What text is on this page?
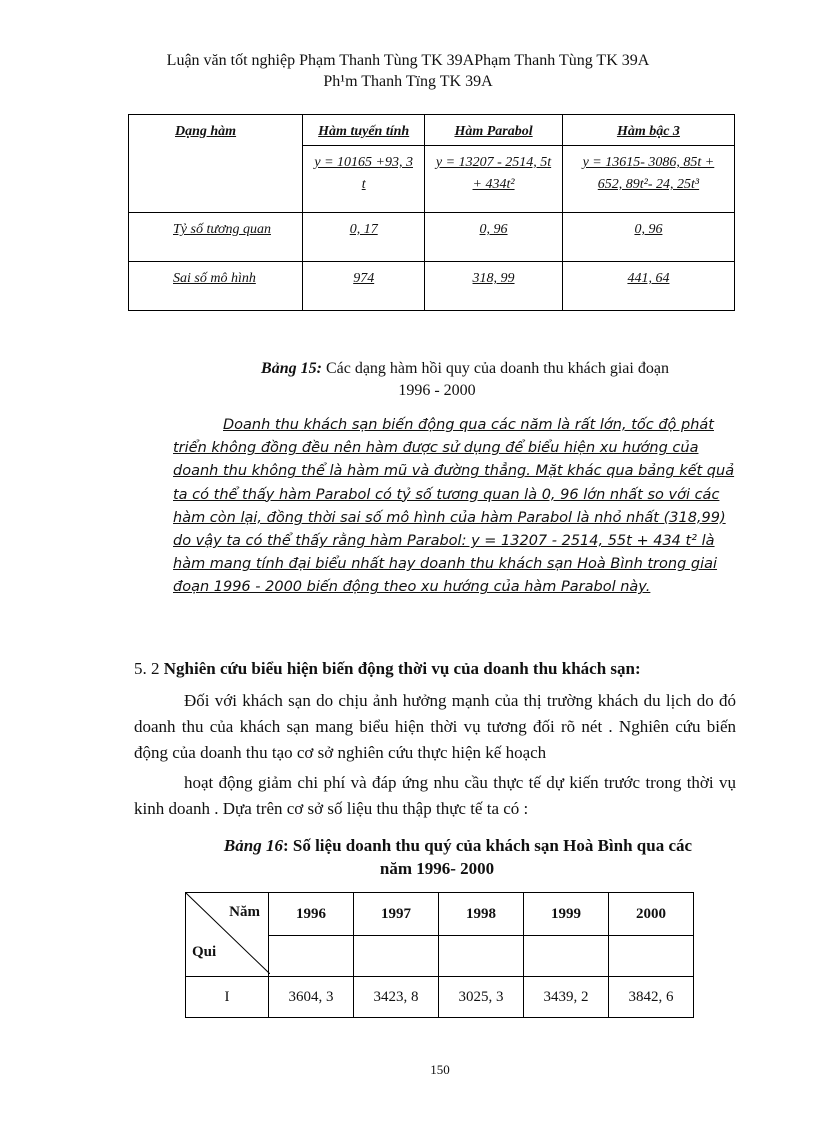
Luận văn tốt nghiệp Phạm Thanh Tùng TK 39APhạm Thanh Tùng TK 39A
Ph¹m Thanh Tïng TK 39A
Dạng hàm	Hàm tuyến tính	Hàm Parabol	Hàm bậc 3
	y = 10165 +93, 3 t	y = 13207 - 2514, 5t + 434t²	y = 13615- 3086, 85t + 652, 89t²- 24, 25t³
Tỷ số tương quan	0, 17	0, 96	0, 96
Sai số mô hình	974	318, 99	441, 64
Bảng 15: Các dạng hàm hồi quy của doanh thu khách giai đoạn
1996 - 2000
Doanh thu khách sạn biến động qua các năm là rất lớn, tốc độ phát triển không đồng đều nên hàm được sử dụng để biểu hiện xu hướng của doanh thu không thể là hàm mũ và đường thẳng. Mặt khác qua bảng kết quả ta có thể thấy hàm Parabol có tỷ số tương quan là 0, 96 lớn nhất so với các hàm còn lại, đồng thời sai số mô hình của hàm Parabol là nhỏ nhất (318,99) do vậy ta có thể thấy rằng hàm Parabol: y = 13207 - 2514, 55t + 434 t² là hàm mang tính đại biểu nhất hay doanh thu khách sạn Hoà Bình trong giai đoạn 1996 - 2000 biến động theo xu hướng của hàm Parabol này.
5. 2 Nghiên cứu biểu hiện biến động thời vụ của doanh thu khách sạn:
Đối với khách sạn do chịu ảnh hưởng mạnh của thị trường khách du lịch do đó doanh thu của khách sạn mang biểu hiện thời vụ tương đối rõ nét . Nghiên cứu biến động của doanh thu tạo cơ sở nghiên cứu thực hiện kế hoạch
hoạt động giảm chi phí và đáp ứng nhu cầu thực tế dự kiến trước trong thời vụ kinh doanh . Dựa trên cơ sở số liệu thu thập thực tế ta có :
Bảng 16: Số liệu doanh thu quý của khách sạn Hoà Bình qua các
năm 1996- 2000
Năm
Qui	1996	1997	1998	1999	2000

I	3604, 3	3423, 8	3025, 3	3439, 2	3842, 6
150
